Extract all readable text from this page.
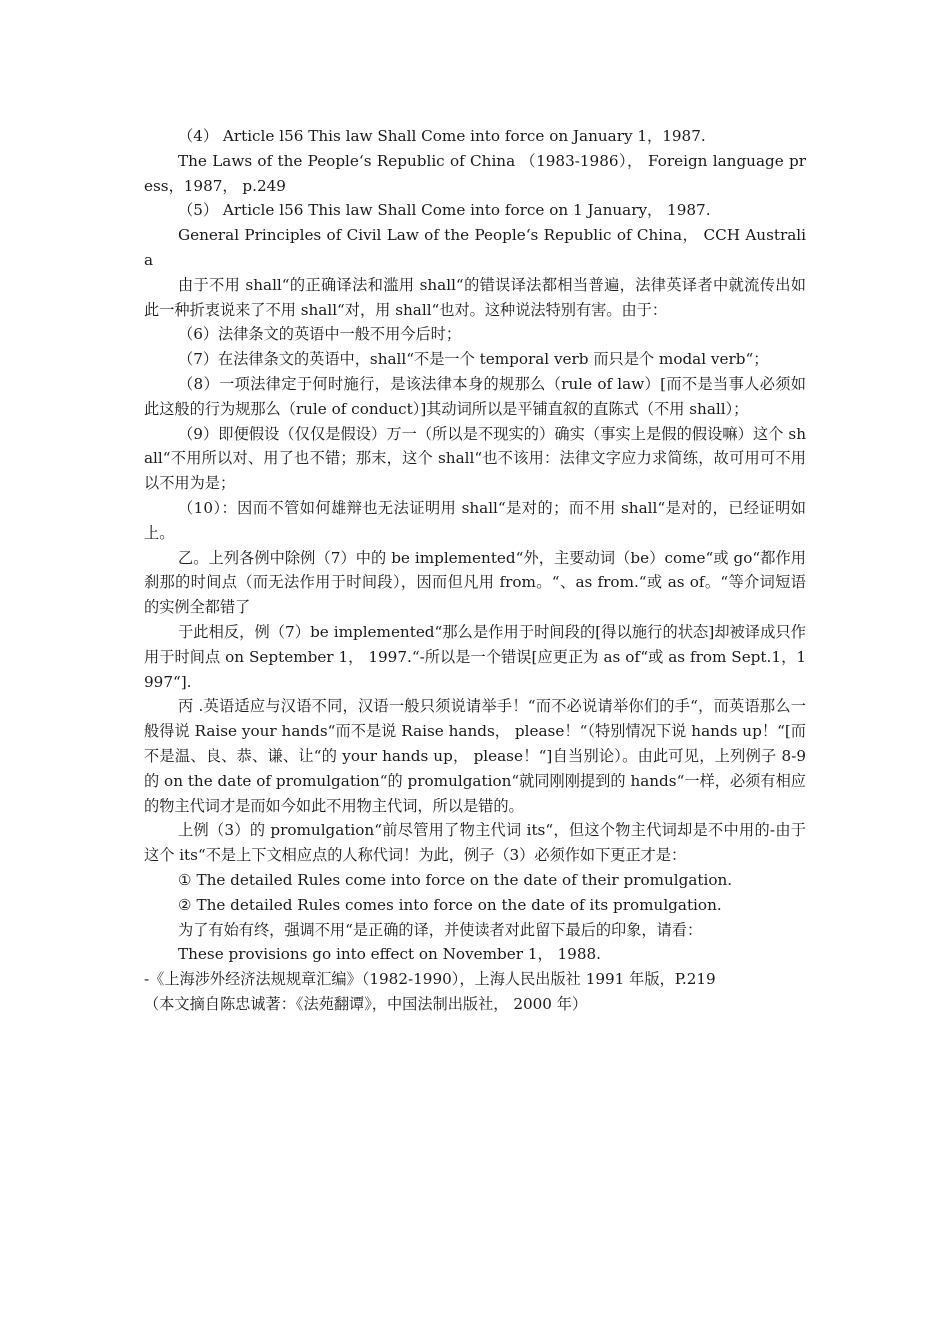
（4） Article l56 This law Shall Come into force on January 1，1987.

The Laws of the People‘s Republic of China （1983-1986）， Foreign language press，1987， p.249

（5） Article l56 This law Shall Come into force on 1 January， 1987.

General Principles of Civil Law of the People‘s Republic of China， CCH Australia

由于不用 shall“的正确译法和滥用 shall“的错误译法都相当普遍，法律英译者中就流传出如此一种折衷说来了不用 shall“对，用 shall“也对。这种说法特别有害。由于：

（6）法律条文的英语中一般不用今后时；

（7）在法律条文的英语中，shall“不是一个 temporal verb 而只是个 modal verb“；

（8）一项法律定于何时施行，是该法律本身的规那么（rule of law）[而不是当事人必须如此这般的行为规那么（rule of conduct）]其动词所以是平铺直叙的直陈式（不用 shall）；

（9）即便假设（仅仅是假设）万一（所以是不现实的）确实（事实上是假的假设嘛）这个 shall“不用所以对、用了也不错；那末，这个 shall“也不该用：法律文字应力求简练，故可用可不用以不用为是；

（10）：因而不管如何雄辩也无法证明用 shall“是对的；而不用 shall“是对的，已经证明如上。

乙。上列各例中除例（7）中的 be implemented“外，主要动词（be）come“或 go“都作用刹那的时间点（而无法作用于时间段），因而但凡用 from。“、as from.“或 as of。“等介词短语的实例全都错了

于此相反，例（7）be implemented“那么是作用于时间段的[得以施行的状态]却被译成只作用于时间点 on September 1， 1997.“-所以是一个错误[应更正为 as of“或 as from Sept.1，1997“].

丙 .英语适应与汉语不同，汉语一般只须说请举手！“而不必说请举你们的手“，而英语那么一般得说 Raise your hands“而不是说 Raise hands， please！“（特别情况下说 hands up！“[而不是温、良、恭、谦、让“的 your hands up， please！“]自当别论）。由此可见，上列例子 8-9 的 on the date of promulgation“的 promulgation“就同刚刚提到的 hands“一样，必须有相应的物主代词才是而如今如此不用物主代词，所以是错的。

上例（3）的 promulgation“前尽管用了物主代词 its“，但这个物主代词却是不中用的-由于这个 its“不是上下文相应点的人称代词！为此，例子（3）必须作如下更正才是：

① The detailed Rules come into force on the date of their promulgation.

② The detailed Rules comes into force on the date of its promulgation.

为了有始有终，强调不用“是正确的译，并使读者对此留下最后的印象，请看：

These provisions go into effect on November 1， 1988.

-《上海涉外经济法规规章汇编》（1982-1990），上海人民出版社 1991 年版，P.219

（本文摘自陈忠诚著：《法苑翻谭》，中国法制出版社， 2000 年）
